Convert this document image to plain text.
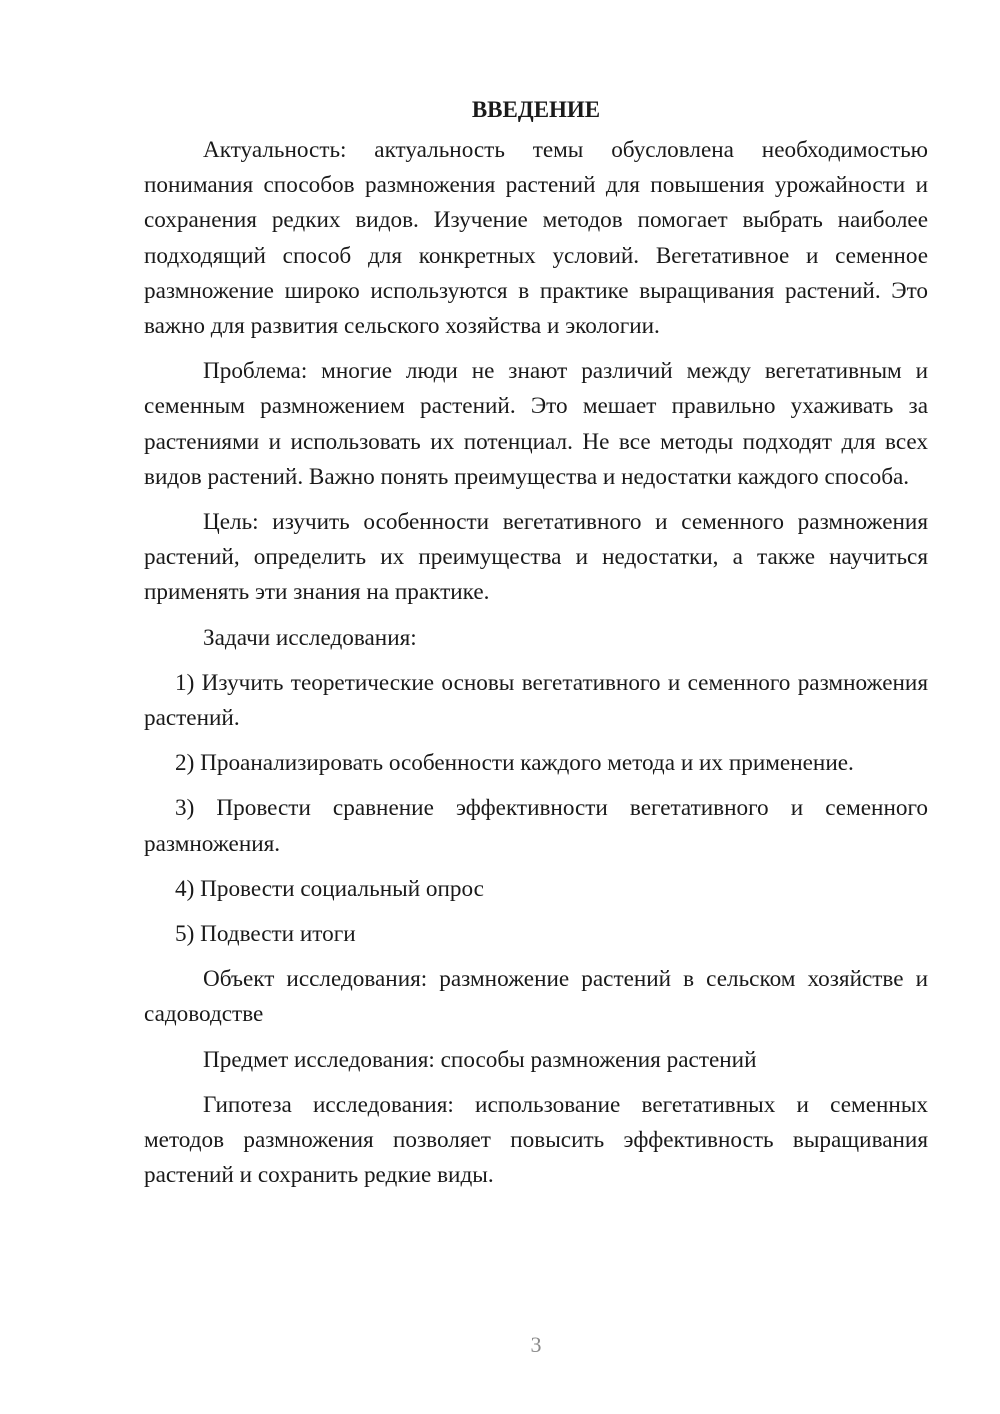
ВВЕДЕНИЕ

Актуальность: актуальность темы обусловлена необходимостью понимания способов размножения растений для повышения урожайности и сохранения редких видов. Изучение методов помогает выбрать наиболее подходящий способ для конкретных условий. Вегетативное и семенное размножение широко используются в практике выращивания растений. Это важно для развития сельского хозяйства и экологии.

Проблема: многие люди не знают различий между вегетативным и семенным размножением растений. Это мешает правильно ухаживать за растениями и использовать их потенциал. Не все методы подходят для всех видов растений. Важно понять преимущества и недостатки каждого способа.

Цель: изучить особенности вегетативного и семенного размножения растений, определить их преимущества и недостатки, а также научиться применять эти знания на практике.

Задачи исследования:

1) Изучить теоретические основы вегетативного и семенного размножения растений.

2) Проанализировать особенности каждого метода и их применение.

3) Провести сравнение эффективности вегетативного и семенного размножения.

4) Провести социальный опрос

5) Подвести итоги

Объект исследования: размножение растений в сельском хозяйстве и садоводстве

Предмет исследования: способы размножения растений

Гипотеза исследования: использование вегетативных и семенных методов размножения позволяет повысить эффективность выращивания растений и сохранить редкие виды.

3
